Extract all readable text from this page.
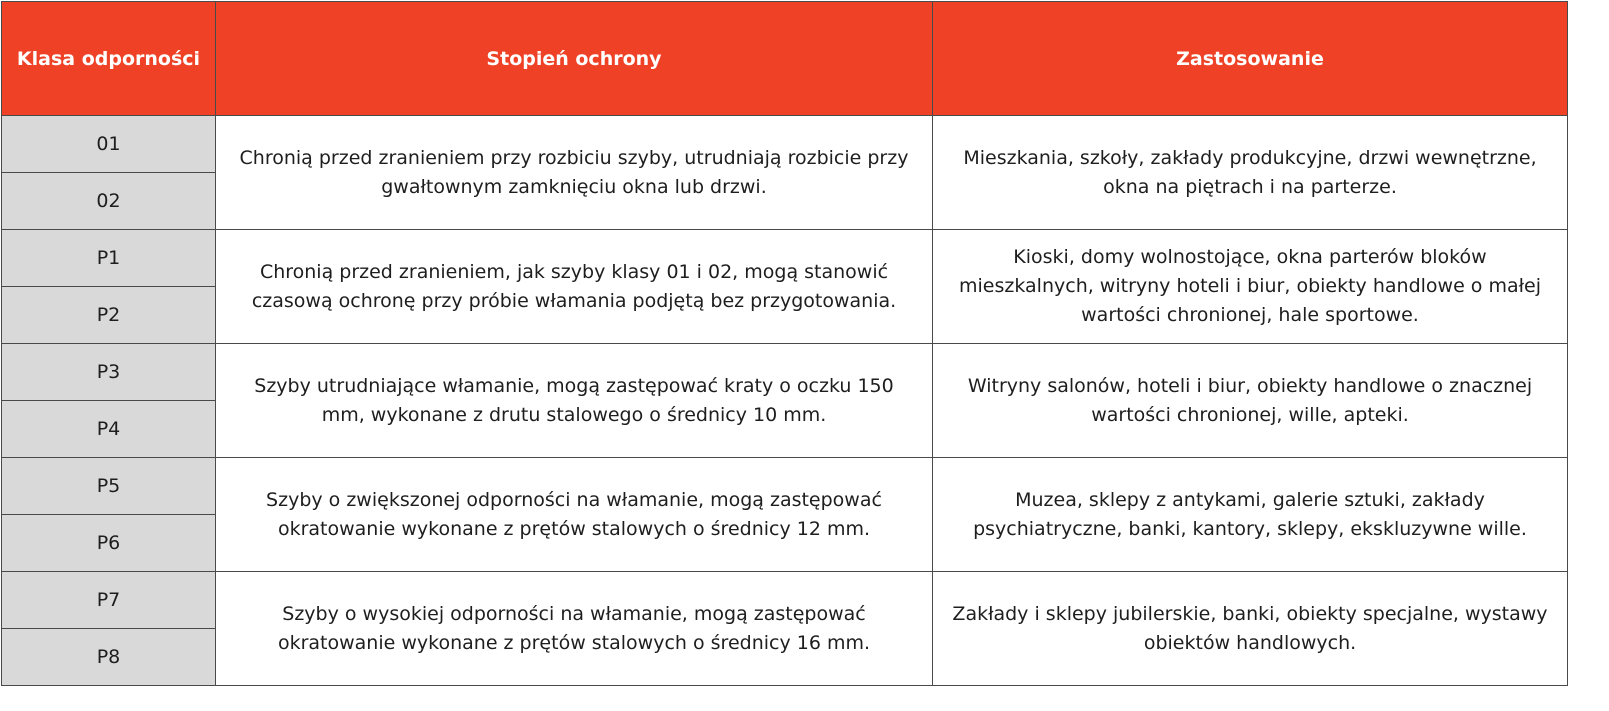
Klasa odporności	Stopień ochrony	Zastosowanie
01	Chronią przed zranieniem przy rozbiciu szyby, utrudniają rozbicie przy gwałtownym zamknięciu okna lub drzwi.	Mieszkania, szkoły, zakłady produkcyjne, drzwi wewnętrzne, okna na piętrach i na parterze.
02		
P1	Chronią przed zranieniem, jak szyby klasy 01 i 02, mogą stanowić czasową ochronę przy próbie włamania podjętą bez przygotowania.	Kioski, domy wolnostojące, okna parterów bloków mieszkalnych, witryny hoteli i biur, obiekty handlowe o małej wartości chronionej, hale sportowe.
P2		
P3	Szyby utrudniające włamanie, mogą zastępować kraty o oczku 150 mm, wykonane z drutu stalowego o średnicy 10 mm.	Witryny salonów, hoteli i biur, obiekty handlowe o znacznej wartości chronionej, wille, apteki.
P4		
P5	Szyby o zwiększonej odporności na włamanie, mogą zastępować okratowanie wykonane z prętów stalowych o średnicy 12 mm.	Muzea, sklepy z antykami, galerie sztuki, zakłady psychiatryczne, banki, kantory, sklepy, ekskluzywne wille.
P6		
P7	Szyby o wysokiej odporności na włamanie, mogą zastępować okratowanie wykonane z prętów stalowych o średnicy 16 mm.	Zakłady i sklepy jubilerskie, banki, obiekty specjalne, wystawy obiektów handlowych.
P8		
